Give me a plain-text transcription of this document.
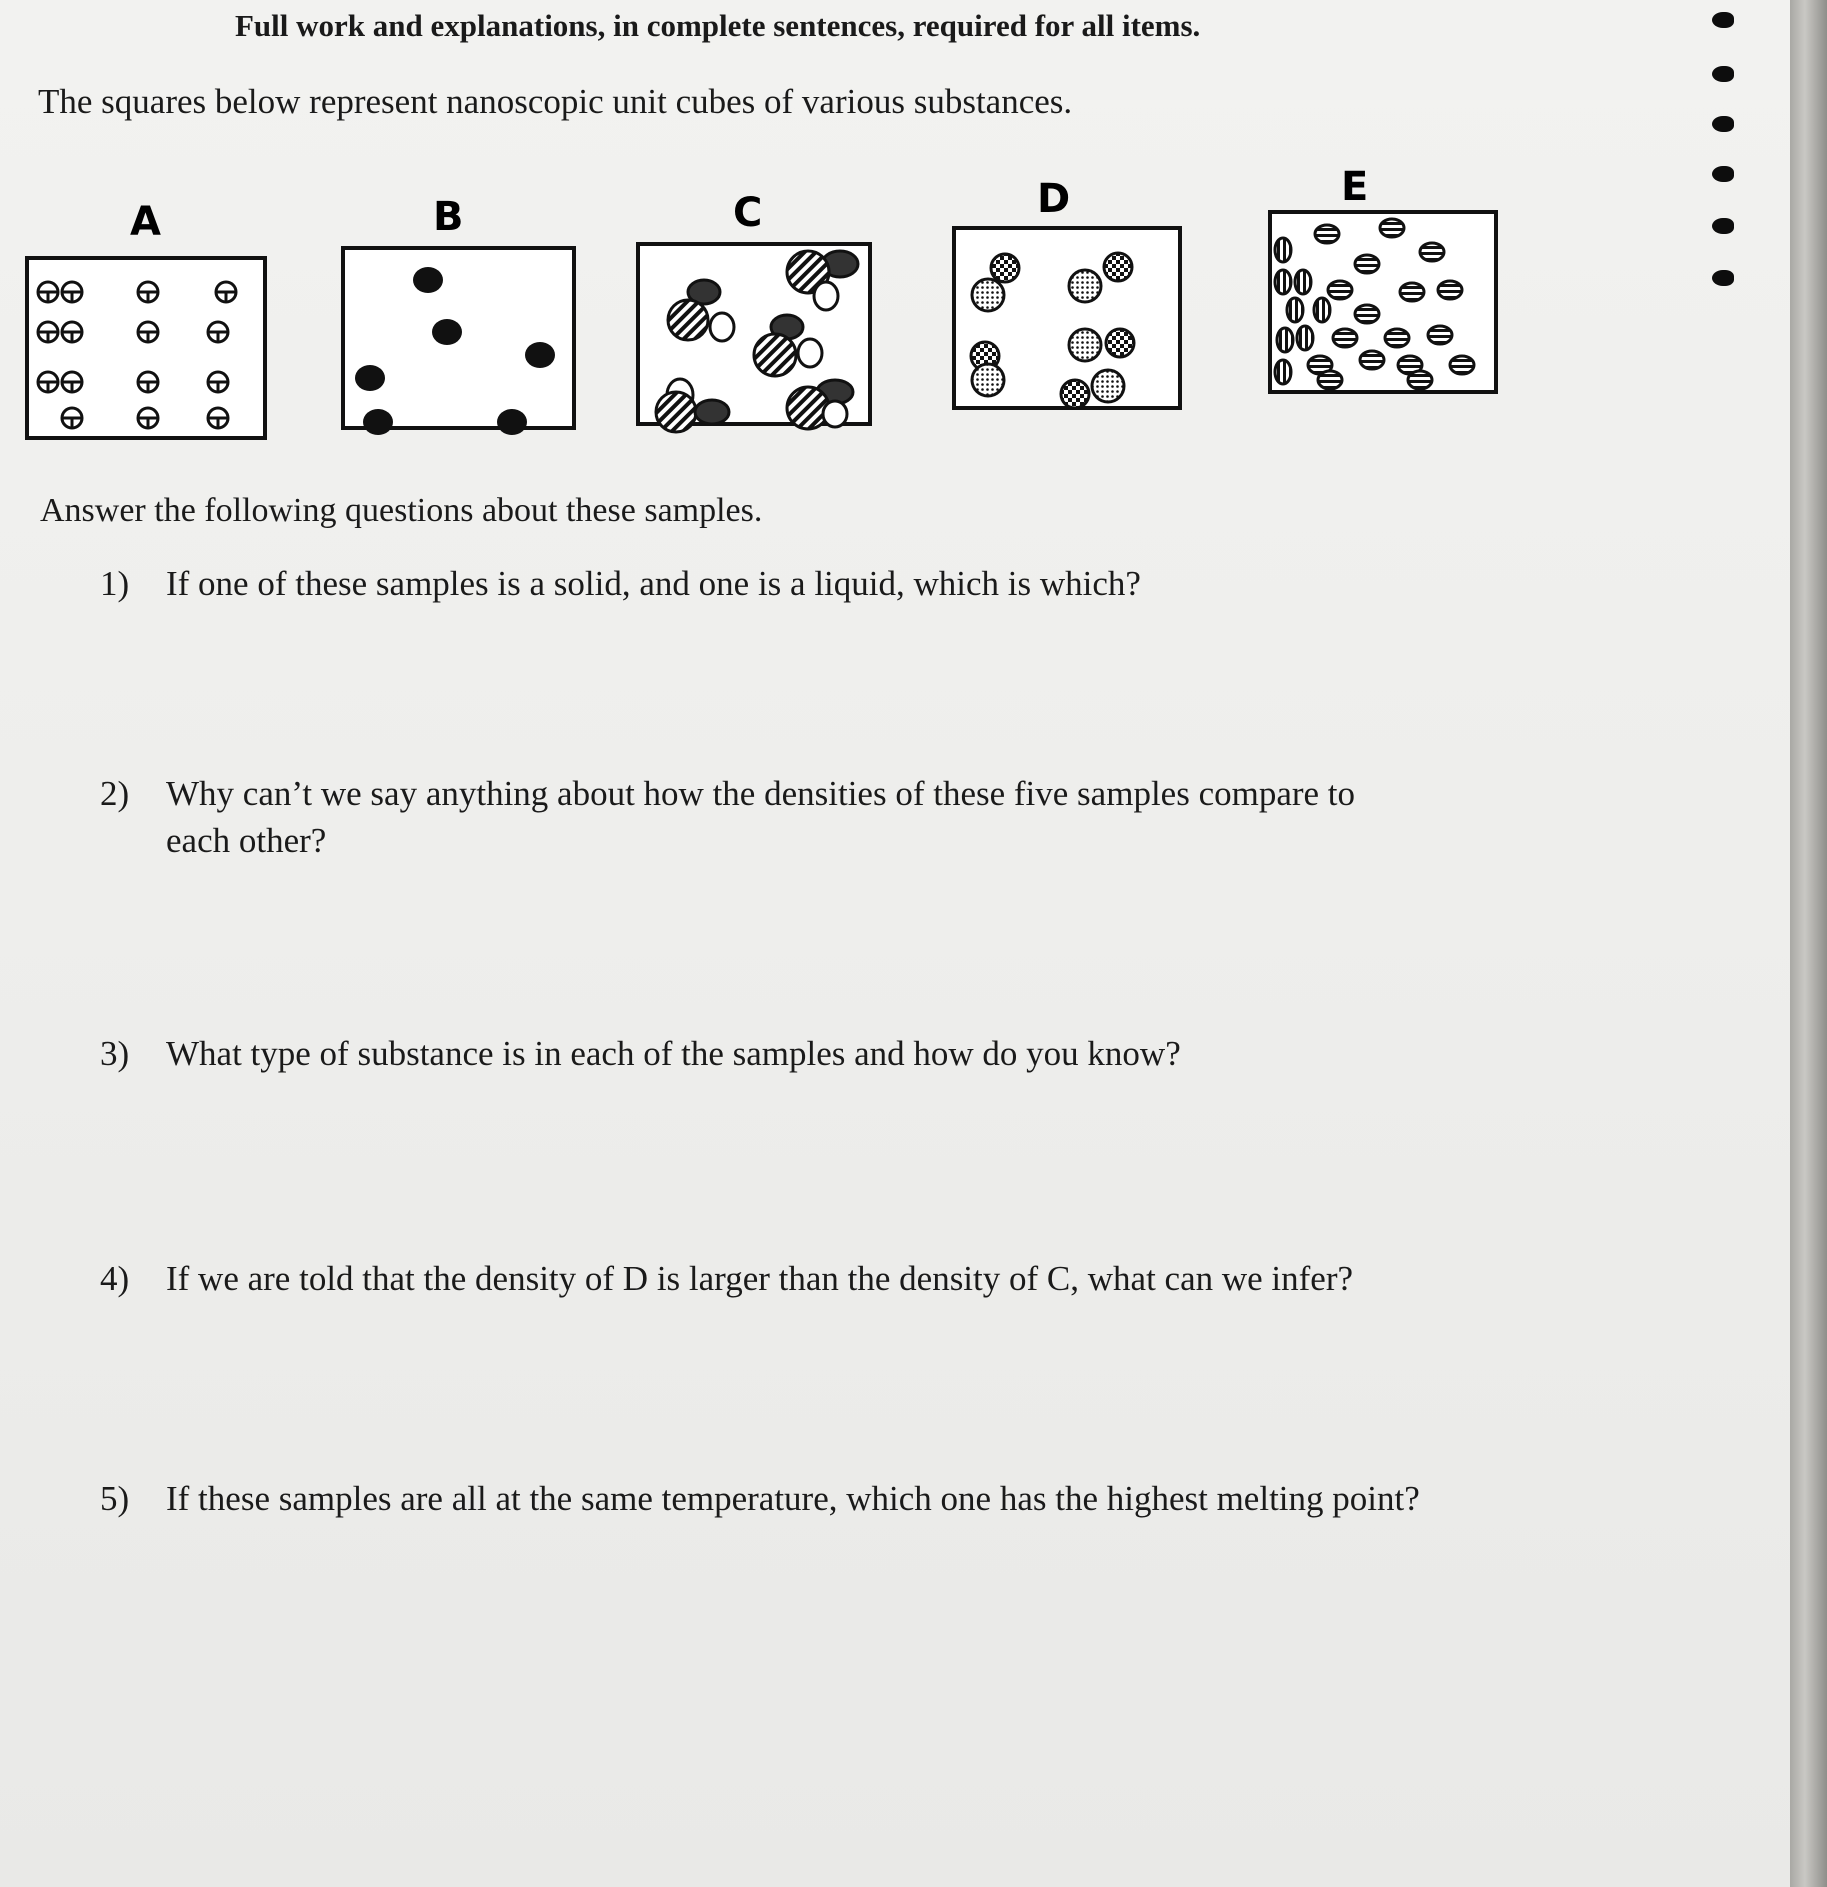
Full work and explanations, in complete sentences, required for all items.
The squares below represent nanoscopic unit cubes of various substances.
A	B	C	D	E
Answer the following questions about these samples.
1) If one of these samples is a solid, and one is a liquid, which is which?
2) Why can’t we say anything about how the densities of these five samples compare to
each other?
3) What type of substance is in each of the samples and how do you know?
4) If we are told that the density of D is larger than the density of C, what can we infer?
5) If these samples are all at the same temperature, which one has the highest melting point?
